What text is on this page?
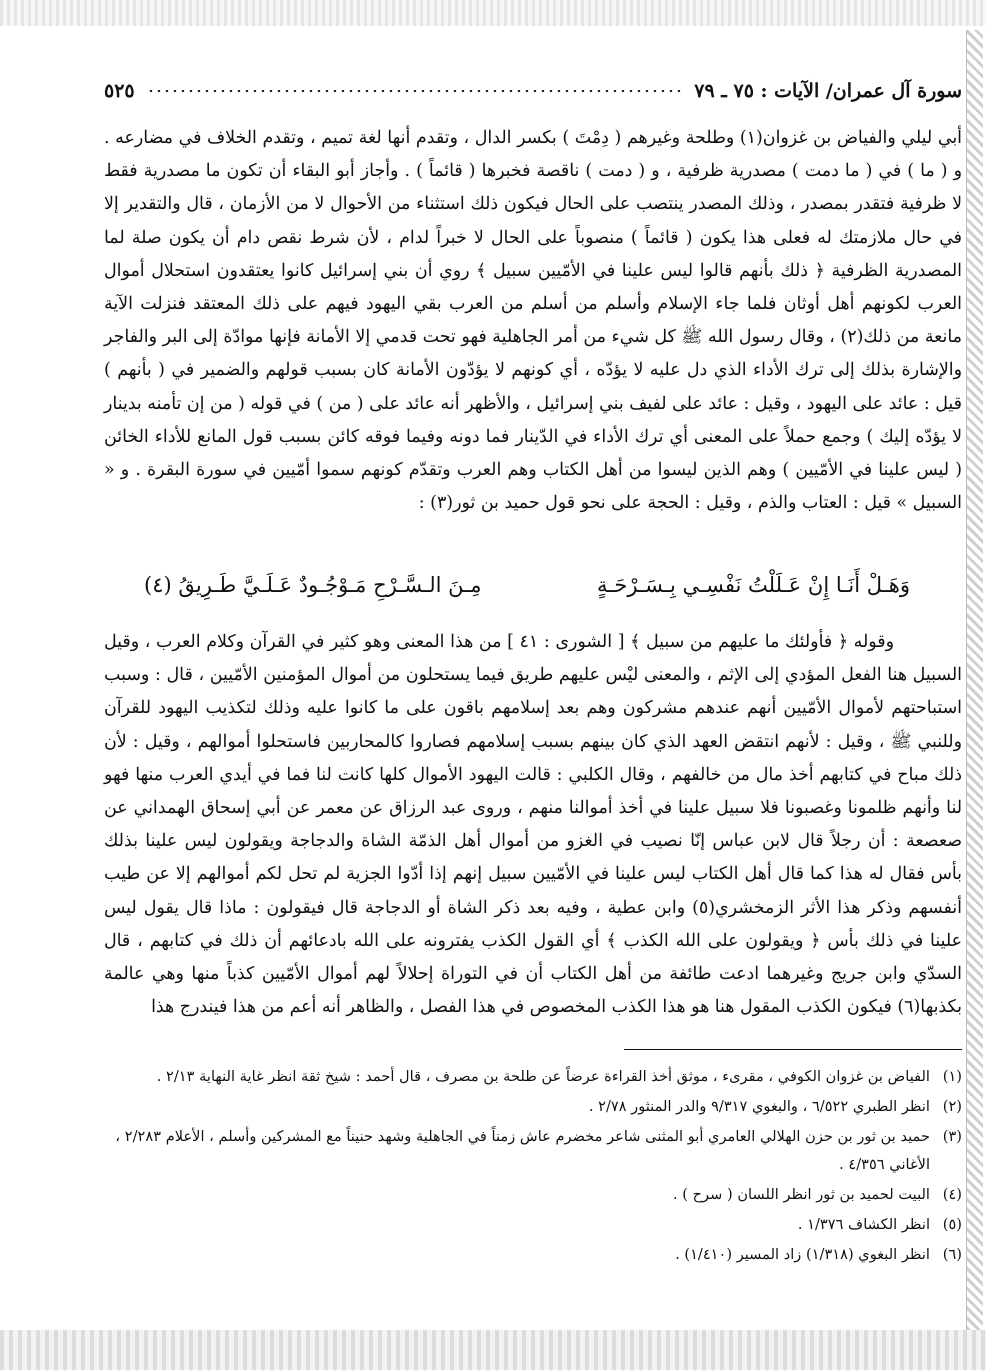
سورة آل عمران/ الآيات : ٧٥ ـ ٧٩
٥٢٥

أبي ليلي والفياض بن غزوان(١) وطلحة وغيرهم ( دِمْتَ ) بكسر الدال ، وتقدم أنها لغة تميم ، وتقدم الخلاف في مضارعه . و ( ما ) في ( ما دمت ) مصدرية ظرفية ، و ( دمت ) ناقصة فخبرها ( قائماً ) . وأجاز أبو البقاء أن تكون ما مصدرية فقط لا ظرفية فتقدر بمصدر ، وذلك المصدر ينتصب على الحال فيكون ذلك استثناء من الأحوال لا من الأزمان ، قال والتقدير إلا في حال ملازمتك له فعلى هذا يكون ( قائماً ) منصوباً على الحال لا خبراً لدام ، لأن شرط نقص دام أن يكون صلة لما المصدرية الظرفية ﴿ ذلك بأنهم قالوا ليس علينا في الأمّيين سبيل ﴾ روي أن بني إسرائيل كانوا يعتقدون استحلال أموال العرب لكونهم أهل أوثان فلما جاء الإسلام وأسلم من أسلم من العرب بقي اليهود فيهم على ذلك المعتقد فنزلت الآية مانعة من ذلك(٢) ، وقال رسول الله ﷺ كل شيء من أمر الجاهلية فهو تحت قدمي إلا الأمانة فإنها موادّة إلى البر والفاجر والإشارة بذلك إلى ترك الأداء الذي دل عليه لا يؤدّه ، أي كونهم لا يؤدّون الأمانة كان بسبب قولهم والضمير في ( بأنهم ) قيل : عائد على اليهود ، وقيل : عائد على لفيف بني إسرائيل ، والأظهر أنه عائد على ( من ) في قوله ( من إن تأمنه بدينار لا يؤدّه إليك ) وجمع حملاً على المعنى أي ترك الأداء في الدّينار فما دونه وفيما فوقه كائن بسبب قول المانع للأداء الخائن ( ليس علينا في الأمّيين ) وهم الذين ليسوا من أهل الكتاب وهم العرب وتقدّم كونهم سموا أمّيين في سورة البقرة . و « السبيل » قيل : العتاب والذم ، وقيل : الحجة على نحو قول حميد بن ثور(٣) :

وَهَـلْ أَنَـا إِنْ عَـلَلْتُ نَفْسِـي بِـسَـرْحَـةٍ
مِـنَ الـسَّـرْحِ مَـوْجُـودٌ عَـلَـيَّ طَـرِيقُ (٤)

وقوله ﴿ فأولئك ما عليهم من سبيل ﴾ [ الشورى : ٤١ ] من هذا المعنى وهو كثير في القرآن وكلام العرب ، وقيل السبيل هنا الفعل المؤدي إلى الإثم ، والمعنى ليْس عليهم طريق فيما يستحلون من أموال المؤمنين الأمّيين ، قال : وسبب استباحتهم لأموال الأمّيين أنهم عندهم مشركون وهم بعد إسلامهم باقون على ما كانوا عليه وذلك لتكذيب اليهود للقرآن وللنبي ﷺ ، وقيل : لأنهم انتقض العهد الذي كان بينهم بسبب إسلامهم فصاروا كالمحاربين فاستحلوا أموالهم ، وقيل : لأن ذلك مباح في كتابهم أخذ مال من خالفهم ، وقال الكلبي : قالت اليهود الأموال كلها كانت لنا فما في أيدي العرب منها فهو لنا وأنهم ظلمونا وغصبونا فلا سبيل علينا في أخذ أموالنا منهم ، وروى عبد الرزاق عن معمر عن أبي إسحاق الهمداني عن صعصعة : أن رجلاً قال لابن عباس إنّا نصيب في الغزو من أموال أهل الذمّة الشاة والدجاجة ويقولون ليس علينا بذلك بأس فقال له هذا كما قال أهل الكتاب ليس علينا في الأمّيين سبيل إنهم إذا أدّوا الجزية لم تحل لكم أموالهم إلا عن طيب أنفسهم وذكر هذا الأثر الزمخشري(٥) وابن عطية ، وفيه بعد ذكر الشاة أو الدجاجة قال فيقولون : ماذا قال يقول ليس علينا في ذلك بأس ﴿ ويقولون على الله الكذب ﴾ أي القول الكذب يفترونه على الله بادعائهم أن ذلك في كتابهم ، قال السدّي وابن جريج وغيرهما ادعت طائفة من أهل الكتاب أن في التوراة إحلالاً لهم أموال الأمّيين كذباً منها وهي عالمة بكذبها(٦) فيكون الكذب المقول هنا هو هذا الكذب المخصوص في هذا الفصل ، والظاهر أنه أعم من هذا فيندرج هذا

(١)
الفياض بن غزوان الكوفي ، مقرىء ، موثق أخذ القراءة عرضاً عن طلحة بن مصرف ، قال أحمد : شيخ ثقة انظر غاية النهاية ٢/١٣ .
(٢)
انظر الطبري ٦/٥٢٢ ، والبغوي ٩/٣١٧ والدر المنثور ٢/٧٨ .
(٣)
حميد بن ثور بن حزن الهلالي العامري أبو المثنى شاعر مخضرم عاش زمناً في الجاهلية وشهد حنيناً مع المشركين وأسلم ، الأعلام ٢/٢٨٣ ، الأغاني ٤/٣٥٦ .
(٤)
البيت لحميد بن ثور انظر اللسان ( سرح ) .
(٥)
انظر الكشاف ١/٣٧٦ .
(٦)
انظر البغوي (١/٣١٨) زاد المسير (١/٤١٠) .
